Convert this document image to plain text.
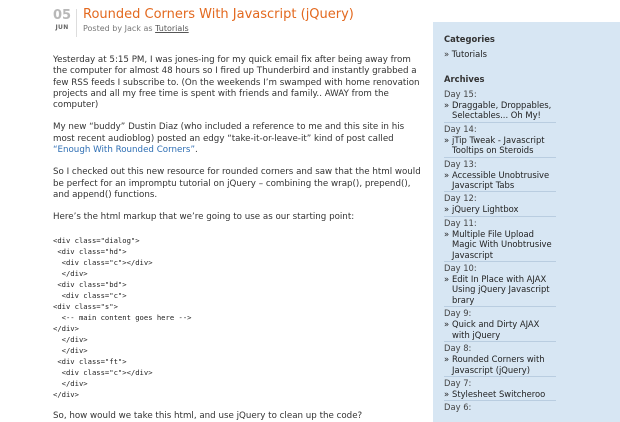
05
JUN
Rounded Corners With Javascript (jQuery)
Posted by Jack as Tutorials

Yesterday at 5:15 PM, I was jones-ing for my quick email fix after being away from the computer for almost 48 hours so I fired up Thunderbird and instantly grabbed a few RSS feeds I subscribe to. (On the weekends I’m swamped with home renovation projects and all my free time is spent with friends and family.. AWAY from the computer)

My new “buddy” Dustin Diaz (who included a reference to me and this site in his most recent audioblog) posted an edgy “take-it-or-leave-it” kind of post called “Enough With Rounded Corners”.

So I checked out this new resource for rounded corners and saw that the html would be perfect for an impromptu tutorial on jQuery – combining the wrap(), prepend(), and append() functions.

Here’s the html markup that we’re going to use as our starting point:

<div class="dialog">
<div class="hd">
<div class="c"></div>
</div>
<div class="bd">
<div class="c">
<div class="s">
<-- main content goes here -->
</div>
</div>
</div>
<div class="ft">
<div class="c"></div>
</div>
</div>

So, how would we take this html, and use jQuery to clean up the code?

Categories
» Tutorials
Archives
Day 15:
» Draggable, Droppables, Selectables... Oh My!
Day 14:
» jTip Tweak - Javascript Tooltips on Steroids
Day 13:
» Accessible Unobtrusive Javascript Tabs
Day 12:
» jQuery Lightbox
Day 11:
» Multiple File Upload Magic With Unobtrusive Javascript
Day 10:
» Edit In Place with AJAX Using jQuery Javascript brary
Day 9:
» Quick and Dirty AJAX with jQuery
Day 8:
» Rounded Corners with Javascript (jQuery)
Day 7:
» Stylesheet Switcheroo
Day 6:
